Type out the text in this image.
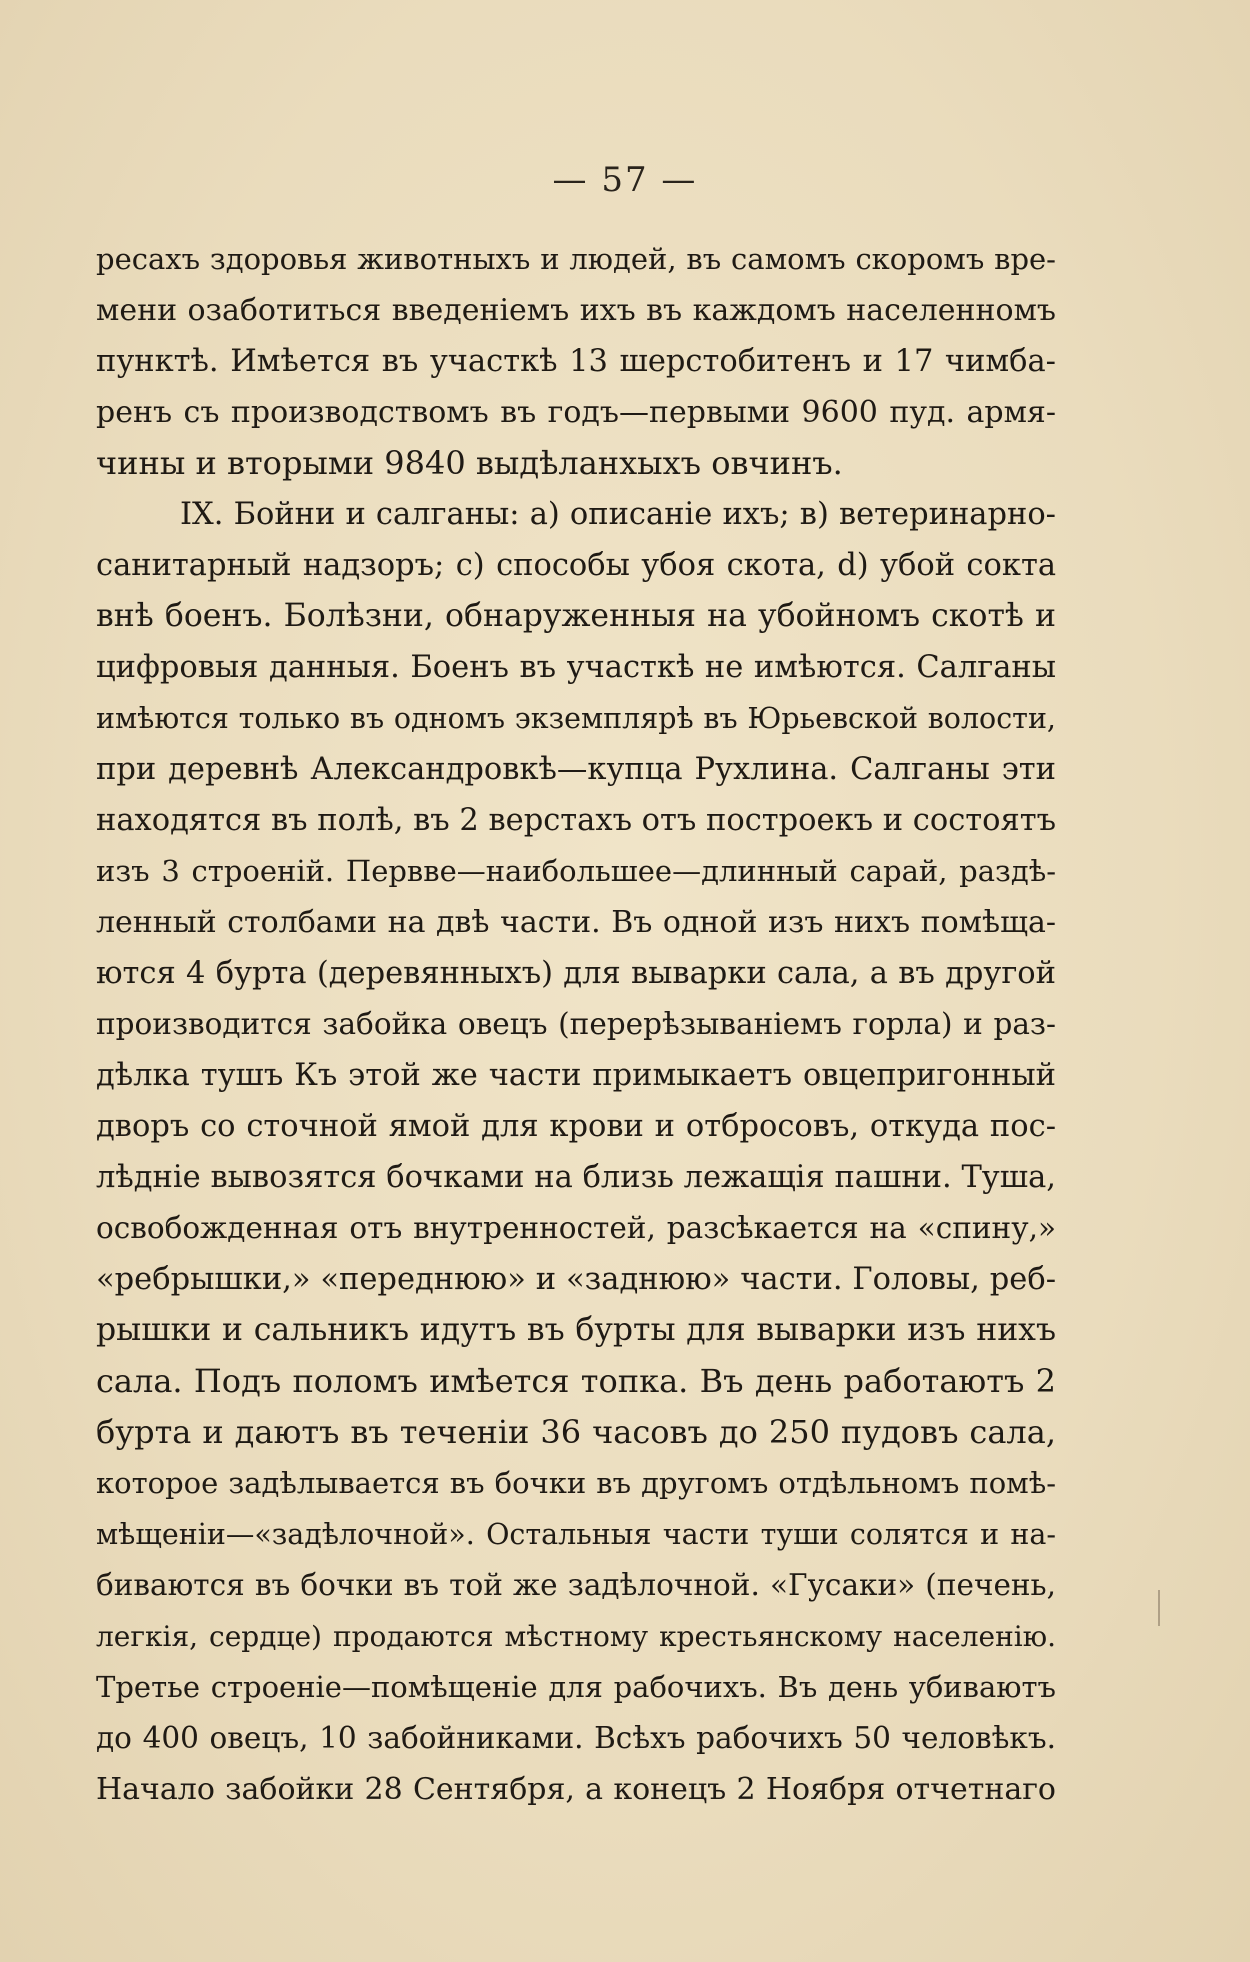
— 57 —
ресахъ здоровья животныхъ и людей, въ самомъ скоромъ вре-
мени озаботиться введеніемъ ихъ въ каждомъ населенномъ
пунктѣ. Имѣется въ участкѣ 13 шерстобитенъ и 17 чимба-
ренъ съ производствомъ въ годъ—первыми 9600 пуд. армя-
чины и вторыми 9840 выдѣланхыхъ овчинъ.
IX. Бойни и салганы: а) описаніе ихъ; в) ветеринарно-
санитарный надзоръ; с) способы убоя скота, d) убой сокта
внѣ боенъ. Болѣзни, обнаруженныя на убойномъ скотѣ и
цифровыя данныя. Боенъ въ участкѣ не имѣются. Салганы
имѣются только въ одномъ экземплярѣ въ Юрьевской волости,
при деревнѣ Александровкѣ—купца Рухлина. Салганы эти
находятся въ полѣ, въ 2 верстахъ отъ построекъ и состоятъ
изъ 3 строеній. Первве—наибольшее—длинный сарай, раздѣ-
ленный столбами на двѣ части. Въ одной изъ нихъ помѣща-
ются 4 бурта (деревянныхъ) для выварки сала, а въ другой
производится забойка овецъ (перерѣзываніемъ горла) и раз-
дѣлка тушъ Къ этой же части примыкаетъ овцепригонный
дворъ со сточной ямой для крови и отбросовъ, откуда пос-
лѣдніе вывозятся бочками на близь лежащія пашни. Туша,
освобожденная отъ внутренностей, разсѣкается на «спину,»
«ребрышки,» «переднюю» и «заднюю» части. Головы, реб-
рышки и сальникъ идутъ въ бурты для выварки изъ нихъ
сала. Подъ поломъ имѣется топка. Въ день работаютъ 2
бурта и даютъ въ теченіи 36 часовъ до 250 пудовъ сала,
которое задѣлывается въ бочки въ другомъ отдѣльномъ помѣ-
мѣщеніи—«задѣлочной». Остальныя части туши солятся и на-
биваются въ бочки въ той же задѣлочной. «Гусаки» (печень,
легкія, сердце) продаются мѣстному крестьянскому населенію.
Третье строеніе—помѣщеніе для рабочихъ. Въ день убиваютъ
до 400 овецъ, 10 забойниками. Всѣхъ рабочихъ 50 человѣкъ.
Начало забойки 28 Сентября, а конецъ 2 Ноября отчетнаго
